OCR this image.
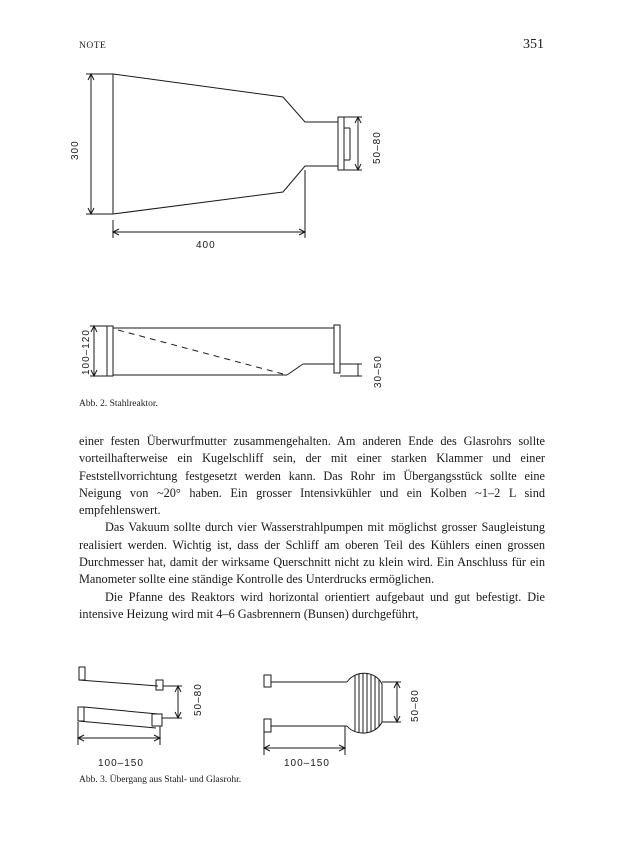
NOTE	351
300
400
50–80
100–120	30–50
50–80
100–150
50–80
100–150
Abb. 2. Stahlreaktor.

einer festen Überwurfmutter zusammengehalten. Am anderen Ende des Glasrohrs sollte vorteilhafterweise ein Kugelschliff sein, der mit einer starken Klammer und einer Feststellvorrichtung festgesetzt werden kann. Das Rohr im Übergangsstück sollte eine Neigung von ~20° haben. Ein grosser Intensivkühler und ein Kolben ~1–2 L sind empfehlenswert.

Das Vakuum sollte durch vier Wasserstrahlpumpen mit möglichst grosser Saugleistung realisiert werden. Wichtig ist, dass der Schliff am oberen Teil des Kühlers einen grossen Durchmesser hat, damit der wirksame Querschnitt nicht zu klein wird. Ein Anschluss für ein Manometer sollte eine ständige Kontrolle des Unterdrucks ermöglichen.

Die Pfanne des Reaktors wird horizontal orientiert aufgebaut und gut befestigt. Die intensive Heizung wird mit 4–6 Gasbrennern (Bunsen) durchgeführt,

Abb. 3. Übergang aus Stahl- und Glasrohr.
